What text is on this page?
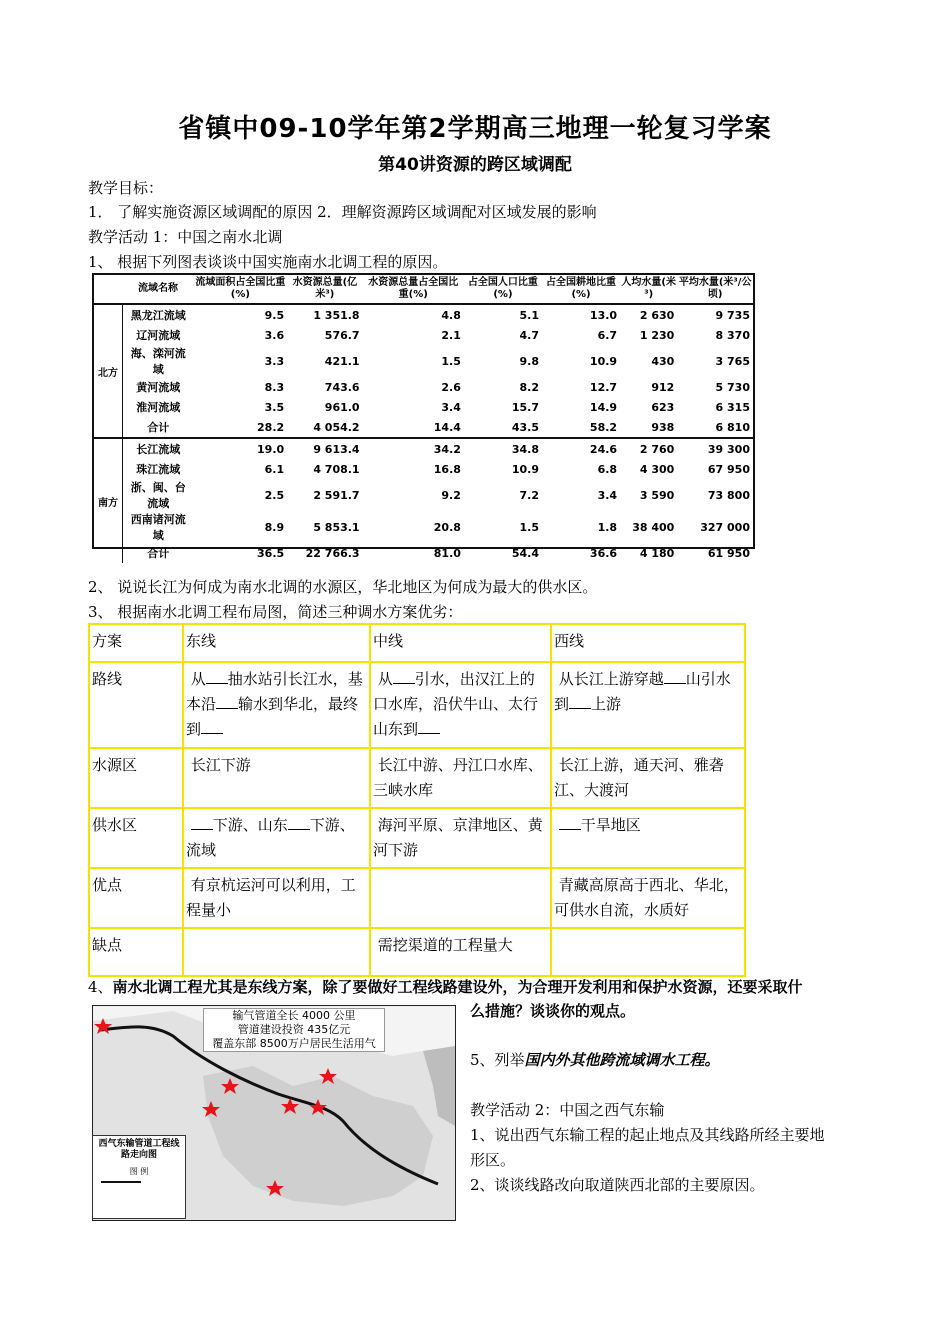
省镇中09-10学年第2学期高三地理一轮复习学案
第40讲资源的跨区域调配
教学目标：
1． 了解实施资源区域调配的原因 2．理解资源跨区域调配对区域发展的影响
教学活动 1：中国之南水北调
1、 根据下列图表谈谈中国实施南水北调工程的原因。
	流域名称	流域面积占全国比重(%)	水资源总量(亿米³)	水资源总量占全国比重(%)	占全国人口比重(%)	占全国耕地比重(%)	人均水量(米³)	平均水量(米³/公顷)
北方	黑龙江流域	9.5	1 351.8	4.8	5.1	13.0	2 630	9 735
	辽河流域	3.6	576.7	2.1	4.7	6.7	1 230	8 370
	海、滦河流域	3.3	421.1	1.5	9.8	10.9	430	3 765
	黄河流域	8.3	743.6	2.6	8.2	12.7	912	5 730
	淮河流域	3.5	961.0	3.4	15.7	14.9	623	6 315
	合计	28.2	4 054.2	14.4	43.5	58.2	938	6 810
南方	长江流域	19.0	9 613.4	34.2	34.8	24.6	2 760	39 300
	珠江流域	6.1	4 708.1	16.8	10.9	6.8	4 300	67 950
	浙、闽、台流域	2.5	2 591.7	9.2	7.2	3.4	3 590	73 800
	西南诸河流域	8.9	5 853.1	20.8	1.5	1.8	38 400	327 000
	合计	36.5	22 766.3	81.0	54.4	36.6	4 180	61 950
2、 说说长江为何成为南水北调的水源区，华北地区为何成为最大的供水区。
3、 根据南水北调工程布局图，简述三种调水方案优劣：
方案	东线	中线	西线
路线	从 抽水站引长江水，基本沿 输水到华北，最终到	从 引水，出汉江上的口水库，沿伏牛山、太行山东到	从长江上游穿越 山引水到 上游
水源区	长江下游	长江中游、丹江口水库、三峡水库	长江上游，通天河、雅砻江、大渡河
供水区	下游、山东 下游、流域	海河平原、京津地区、黄河下游	干旱地区
优点	有京杭运河可以利用，工程量小		青藏高原高于西北、华北，可供水自流，水质好
缺点		需挖渠道的工程量大	
4、南水北调工程尤其是东线方案，除了要做好工程线路建设外，为合理开发利用和保护水资源，还要采取什
么措施？谈谈你的观点。
5、列举国内外其他跨流域调水工程。
教学活动 2：中国之西气东输
1、说出西气东输工程的起止地点及其线路所经主要地
形区。
2、谈谈线路改向取道陕西北部的主要原因。
输气管道全长 4000 公里
管道建设投资 435亿元
覆盖东部 8500万户居民生活用气
西气东输管道工程线路走向图
图 例
